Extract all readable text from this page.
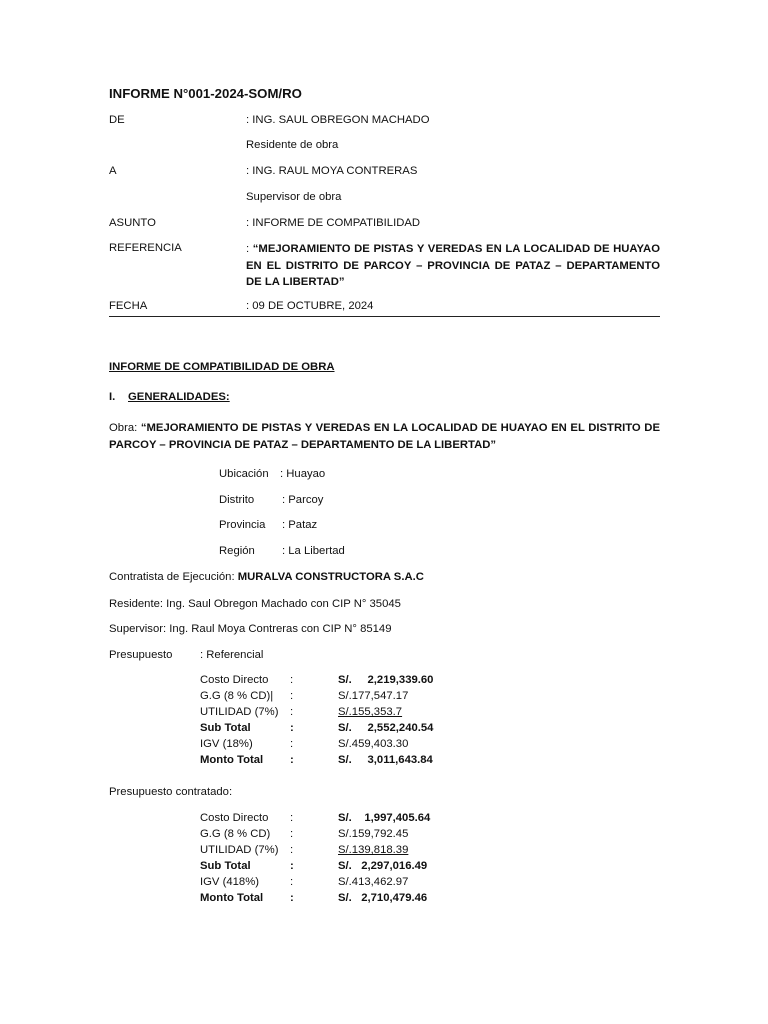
INFORME N°001-2024-SOM/RO
DE	: ING. SAUL OBREGON MACHADO
Residente de obra
A	: ING. RAUL MOYA CONTRERAS
Supervisor de obra
ASUNTO	: INFORME DE COMPATIBILIDAD
REFERENCIA	: “MEJORAMIENTO DE PISTAS Y VEREDAS EN LA LOCALIDAD DE HUAYAO EN EL DISTRITO DE PARCOY – PROVINCIA DE PATAZ – DEPARTAMENTO DE LA LIBERTAD”
FECHA	: 09 DE OCTUBRE, 2024
INFORME DE COMPATIBILIDAD DE OBRA
I. GENERALIDADES:
Obra: “MEJORAMIENTO DE PISTAS Y VEREDAS EN LA LOCALIDAD DE HUAYAO EN EL DISTRITO DE PARCOY – PROVINCIA DE PATAZ – DEPARTAMENTO DE LA LIBERTAD”
Ubicación : Huayao
Distrito : Parcoy
Provincia : Pataz
Región : La Libertad
Contratista de Ejecución: MURALVA CONSTRUCTORA S.A.C
Residente: Ing. Saul Obregon Machado con CIP N° 35045
Supervisor: Ing. Raul Moya Contreras con CIP N° 85149
Presupuesto : Referencial
Costo Directo :	S/.     2,219,339.60
G.G (8 % CD)| :	S/.177,547.17
UTILIDAD (7%) :	S/.155,353.7
Sub Total	:	S/.     2,552,240.54
IGV (18%)	:	S/.459,403.30
Monto Total :	S/.     3,011,643.84
Presupuesto contratado:
Costo Directo :	S/.    1,997,405.64
G.G (8 % CD) :	S/.159,792.45
UTILIDAD (7%) :	S/.139,818.39
Sub Total	:	S/.   2,297,016.49
IGV (418%)	:	S/.413,462.97
Monto Total :	S/.   2,710,479.46
